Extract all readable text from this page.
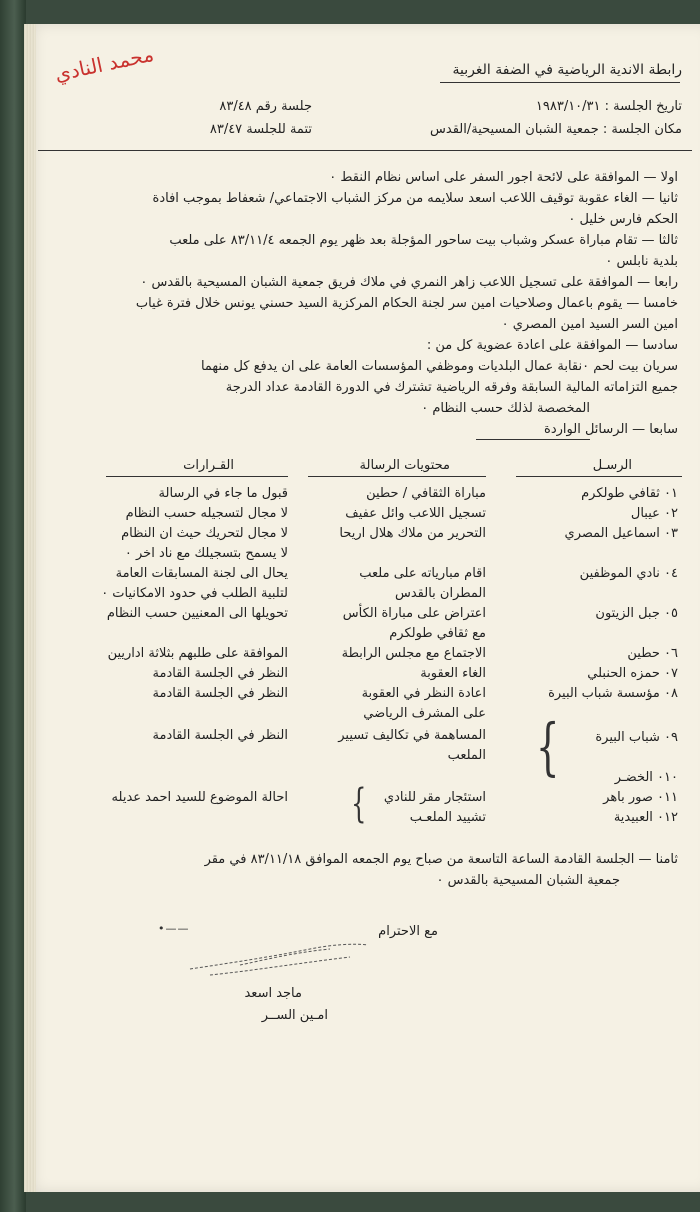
محمد النادي	رابطة الاندية الرياضية في الضفة الغربية
تاريخ الجلسة : ١٩٨٣/١٠/٣١
جلسة رقم ٨٣/٤٨
مكان الجلسة : جمعية الشبان المسيحية/القدس
تتمة للجلسة ٨٣/٤٧
اولا — الموافقة على لائحة اجور السفر على اساس نظام النقط ٠
ثانيا — الغاء عقوبة توقيف اللاعب اسعد سلايمه من مركز الشباب الاجتماعي/ شعفاط بموجب افادة
الحكم فارس خليل ٠
ثالثا — تقام مباراة عسكر وشباب بيت ساحور المؤجلة بعد ظهر يوم الجمعه ٨٣/١١/٤ على ملعب
بلدية نابلس ٠
رابعا — الموافقة على تسجيل اللاعب زاهر النمري في ملاك فريق جمعية الشبان المسيحية بالقدس ٠
خامسا — يقوم باعمال وصلاحيات امين سر لجنة الحكام المركزية السيد حسني يونس خلال فترة غياب
امين السر السيد امين المصري ٠
سادسا — الموافقة على اعادة عضوية كل من :
سريان بيت لحم ٠نقابة عمال البلديات وموظفي المؤسسات العامة على ان يدفع كل منهما
جميع التزاماته المالية السابقة وفرقه الرياضية تشترك في الدورة القادمة عداد الدرجة
المخصصة لذلك حسب النظام ٠
سابعا — الرسائل الواردة
الرسـل
محتويات الرسالة
القـرارات
٠١ ثقافي طولكرم
٠٢ عيبال
٠٣ اسماعيل المصري
٠٤ نادي الموظفين
٠٥ جبل الزيتون
٠٦ حطين
٠٧ حمزه الحنبلي
٠٨ مؤسسة شباب البيرة
٠٩ شباب البيرة
٠١٠ الخضـر
٠١١ صور باهر
٠١٢ العبيدية
{
مباراة الثقافي / حطين
تسجيل اللاعب وائل عفيف
التحرير من ملاك هلال اريحا
اقام مبارياته على ملعب
المطران بالقدس
اعتراض على مباراة الكأس
مع ثقافي طولكرم
الاجتماع مع مجلس الرابطة
الغاء العقوبة
اعادة النظر في العقوبة
على المشرف الرياضي
المساهمة في تكاليف تسيير
الملعب
استئجار مقر للنادي
تشييد الملعـب
{
قبول ما جاء في الرسالة
لا مجال لتسجيله حسب النظام
لا مجال لتحريك حيث ان النظام
لا يسمح بتسجيلك مع ناد اخر ٠
يحال الى لجنة المسابقات العامة
لتلبية الطلب في حدود الامكانيات ٠
تحويلها الى المعنيين حسب النظام
الموافقة على طلبهم بثلاثة اداريين
النظر في الجلسة القادمة
النظر في الجلسة القادمة
النظر في الجلسة القادمة
احالة الموضوع للسيد احمد عديله
ثامنا — الجلسة القادمة الساعة التاسعة من صباح يوم الجمعه الموافق ٨٣/١١/١٨ في مقر
جمعية الشبان المسيحية بالقدس ٠
مع الاحترام
ماجد اسعد
امـين الســر
•——
